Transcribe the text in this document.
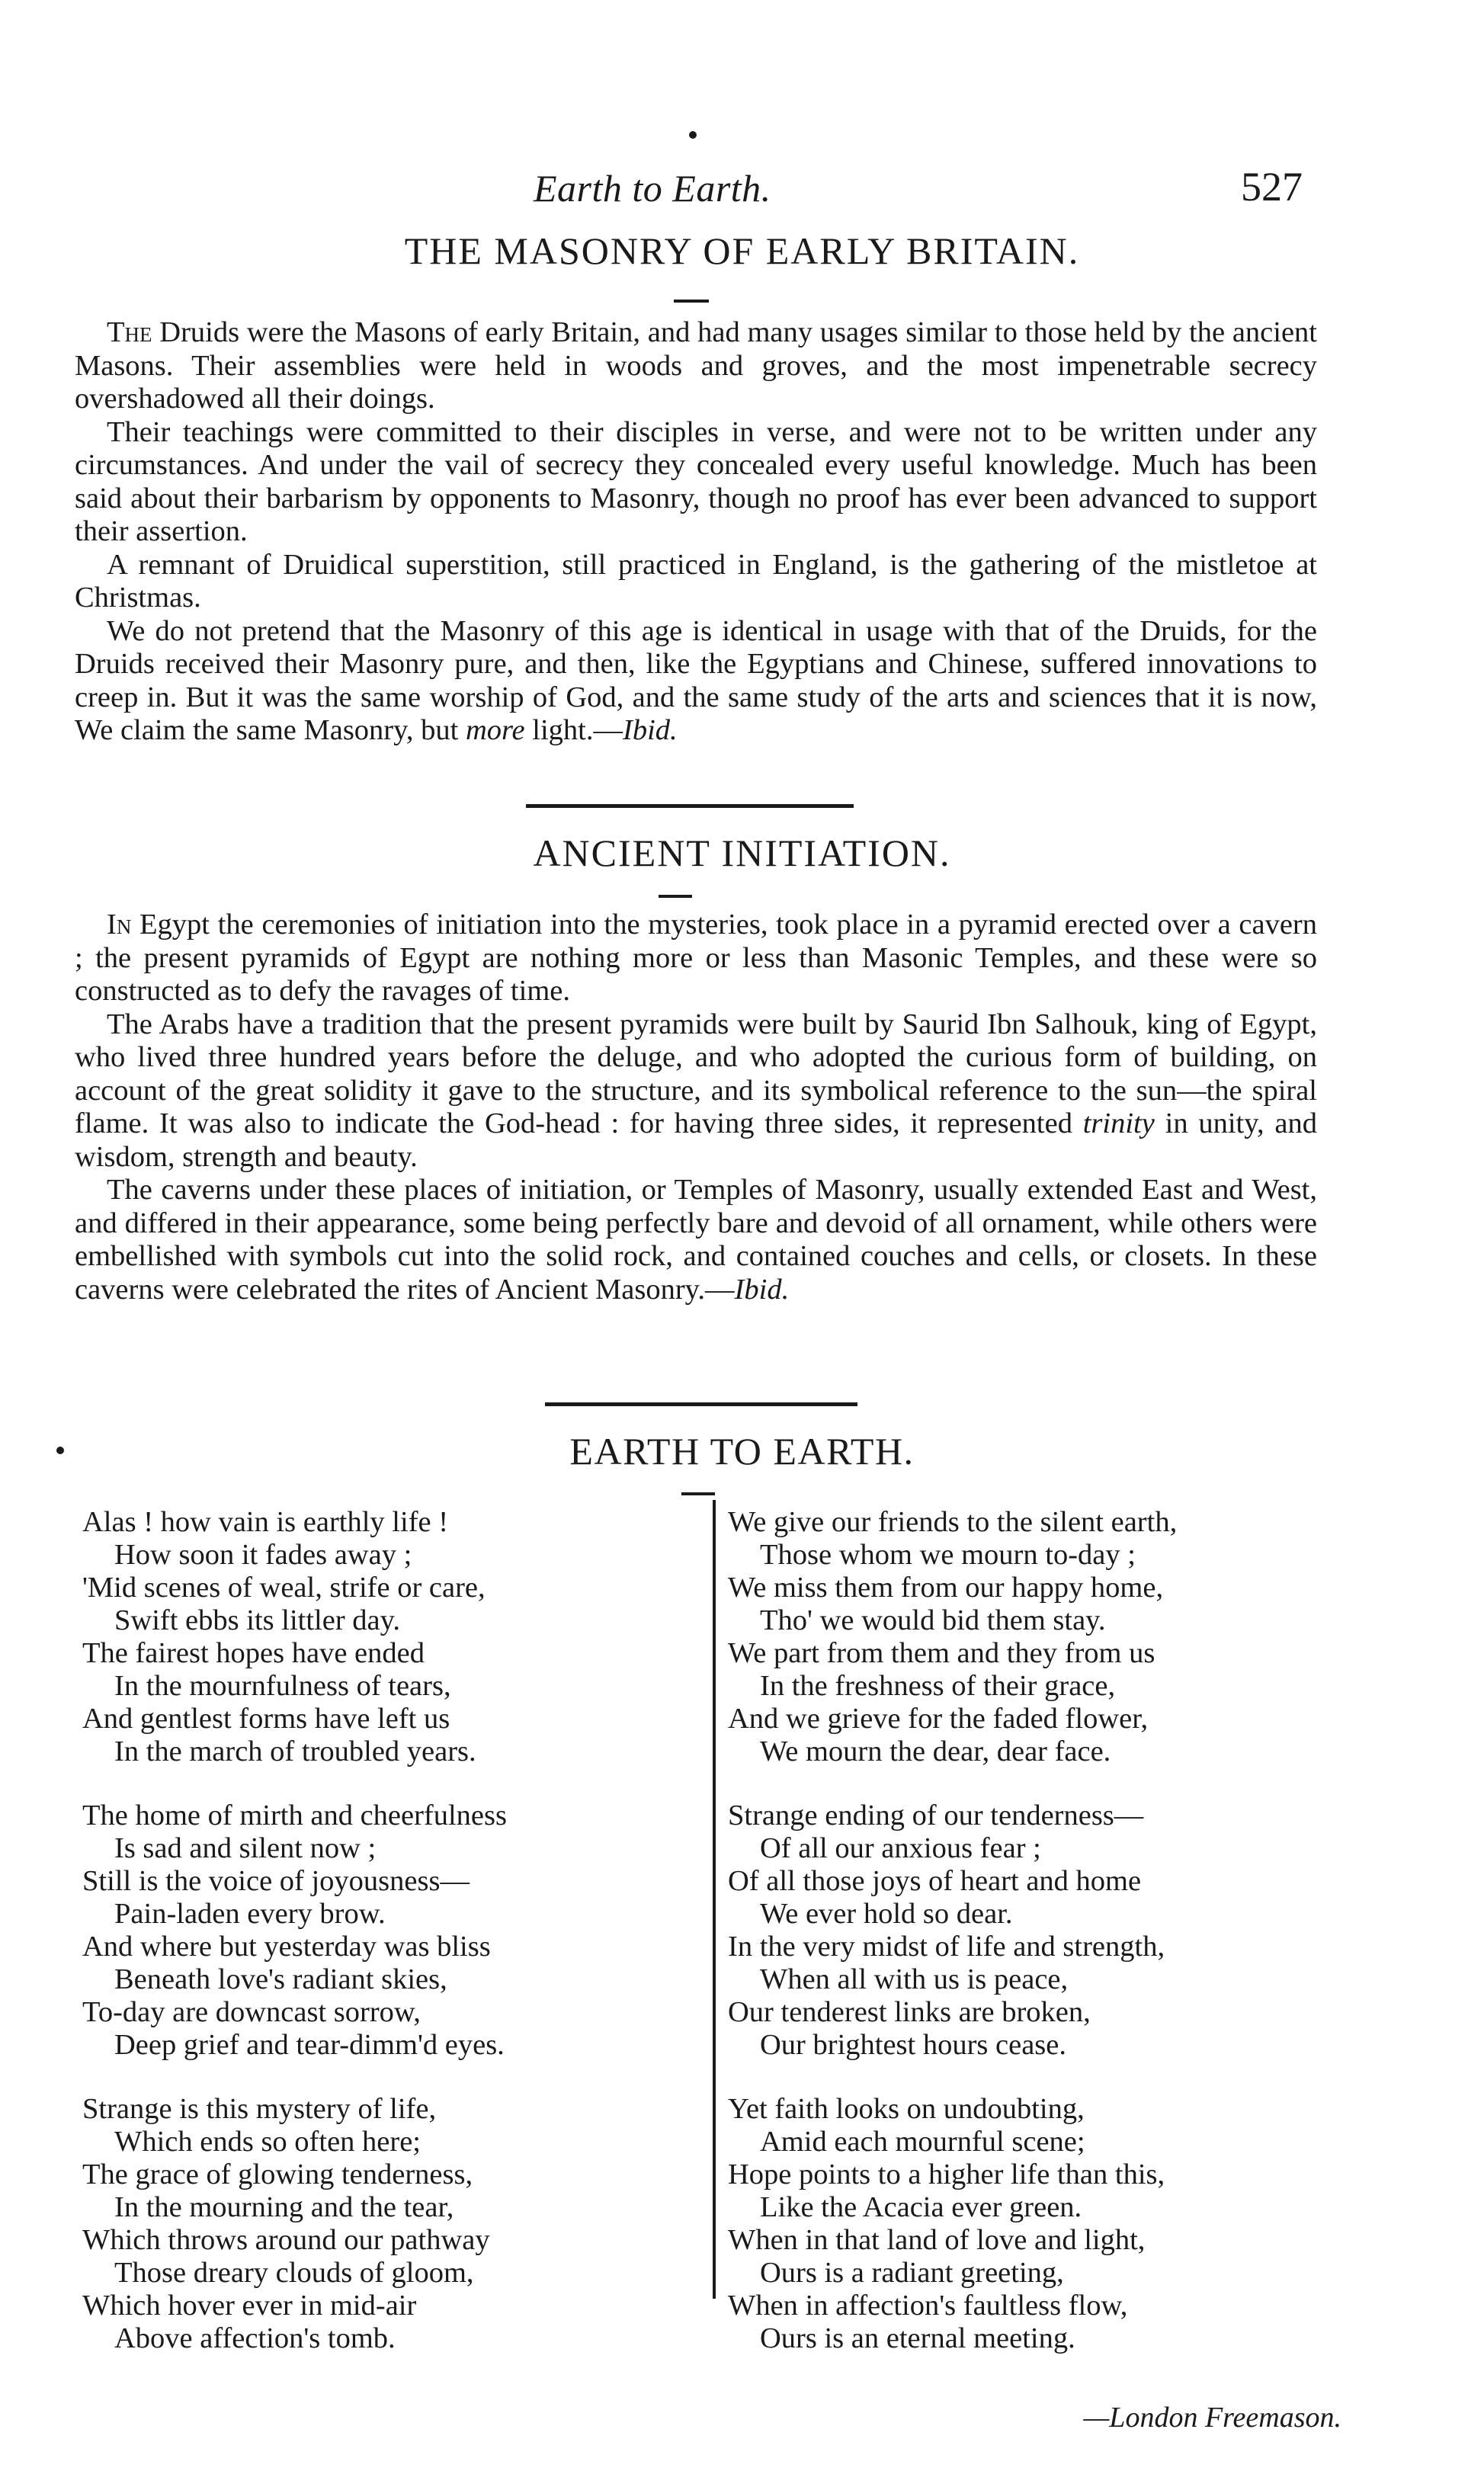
Earth to Earth.	527
THE MASONRY OF EARLY BRITAIN.

The Druids were the Masons of early Britain, and had many usages similar to those held by the ancient Masons. Their assemblies were held in woods and groves, and the most impenetrable secrecy overshadowed all their doings.

Their teachings were committed to their disciples in verse, and were not to be written under any circumstances. And under the vail of secrecy they concealed every useful knowledge. Much has been said about their barbarism by opponents to Masonry, though no proof has ever been advanced to support their assertion.

A remnant of Druidical superstition, still practiced in England, is the gathering of the mistletoe at Christmas.

We do not pretend that the Masonry of this age is identical in usage with that of the Druids, for the Druids received their Masonry pure, and then, like the Egyptians and Chinese, suffered innovations to creep in. But it was the same worship of God, and the same study of the arts and sciences that it is now, We claim the same Masonry, but more light.—Ibid.

ANCIENT INITIATION.

In Egypt the ceremonies of initiation into the mysteries, took place in a pyramid erected over a cavern ; the present pyramids of Egypt are nothing more or less than Masonic Temples, and these were so constructed as to defy the ravages of time.

The Arabs have a tradition that the present pyramids were built by Saurid Ibn Salhouk, king of Egypt, who lived three hundred years before the deluge, and who adopted the curious form of building, on account of the great solidity it gave to the structure, and its symbolical reference to the sun—the spiral flame. It was also to indicate the God-head : for having three sides, it represented trinity in unity, and wisdom, strength and beauty.

The caverns under these places of initiation, or Temples of Masonry, usually extended East and West, and differed in their appearance, some being perfectly bare and devoid of all ornament, while others were embellished with symbols cut into the solid rock, and contained couches and cells, or closets. In these caverns were celebrated the rites of Ancient Masonry.—Ibid.

EARTH TO EARTH.
Alas ! how vain is earthly life !
How soon it fades away ;
'Mid scenes of weal, strife or care,
Swift ebbs its littler day.
The fairest hopes have ended
In the mournfulness of tears,
And gentlest forms have left us
In the march of troubled years.
The home of mirth and cheerfulness
Is sad and silent now ;
Still is the voice of joyousness—
Pain-laden every brow.
And where but yesterday was bliss
Beneath love's radiant skies,
To-day are downcast sorrow,
Deep grief and tear-dimm'd eyes.
Strange is this mystery of life,
Which ends so often here;
The grace of glowing tenderness,
In the mourning and the tear,
Which throws around our pathway
Those dreary clouds of gloom,
Which hover ever in mid-air
Above affection's tomb.
We give our friends to the silent earth,
Those whom we mourn to-day ;
We miss them from our happy home,
Tho' we would bid them stay.
We part from them and they from us
In the freshness of their grace,
And we grieve for the faded flower,
We mourn the dear, dear face.
Strange ending of our tenderness—
Of all our anxious fear ;
Of all those joys of heart and home
We ever hold so dear.
In the very midst of life and strength,
When all with us is peace,
Our tenderest links are broken,
Our brightest hours cease.
Yet faith looks on undoubting,
Amid each mournful scene;
Hope points to a higher life than this,
Like the Acacia ever green.
When in that land of love and light,
Ours is a radiant greeting,
When in affection's faultless flow,
Ours is an eternal meeting.
—London Freemason.
